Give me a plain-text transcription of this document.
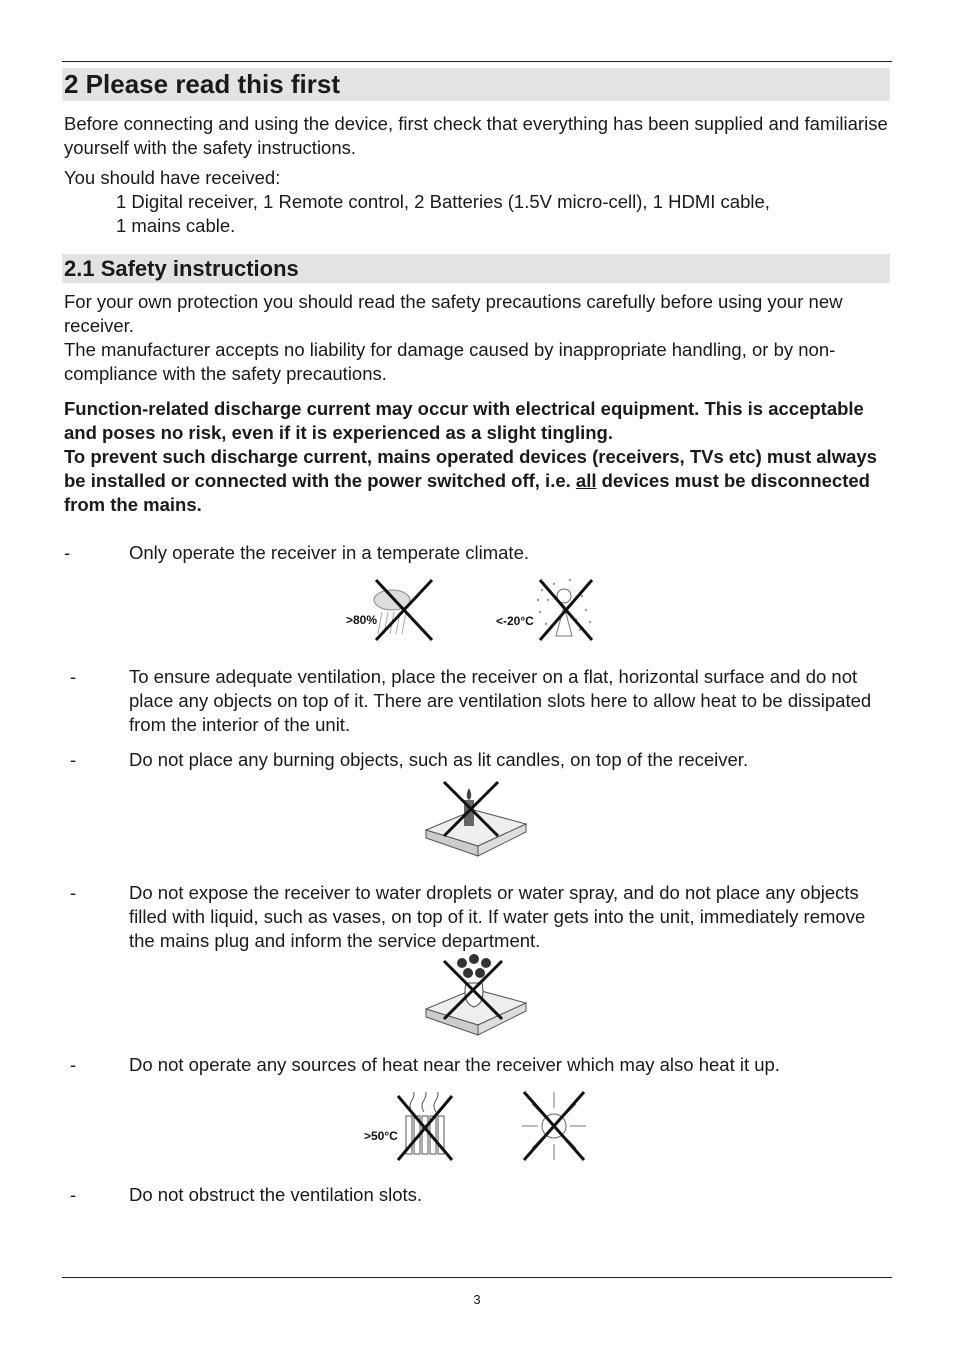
2 Please read this first

Before connecting and using the device, first check that everything has been supplied and familiarise yourself with the safety instructions.

You should have received:

1 Digital receiver, 1 Remote control, 2 Batteries (1.5V micro-cell), 1 HDMI cable,

1 mains cable.

2.1 Safety instructions

For your own protection you should read the safety precautions carefully before using your new receiver.

The manufacturer accepts no liability for damage caused by inappropriate handling, or by non-compliance with the safety precautions.

Function-related discharge current may occur with electrical equipment. This is acceptable and poses no risk, even if it is experienced as a slight tingling.

To prevent such discharge current, mains operated devices (receivers, TVs etc) must always be installed or connected with the power switched off, i.e. all devices must be disconnected from the mains.

-	Only operate the receiver in a temperate climate.

>80%	<-20°C
-	To ensure adequate ventilation, place the receiver on a flat, horizontal surface and do not place any objects on top of it. There are ventilation slots here to allow heat to be dissipated from the interior of the unit.

-	Do not place any burning objects, such as lit candles, on top of the receiver.

-	Do not expose the receiver to water droplets or water spray, and do not place any objects filled with liquid, such as vases, on top of it. If water gets into the unit, immediately remove the mains plug and inform the service department.

-	Do not operate any sources of heat near the receiver which may also heat it up.

>50°C
-	Do not obstruct the ventilation slots.

3
